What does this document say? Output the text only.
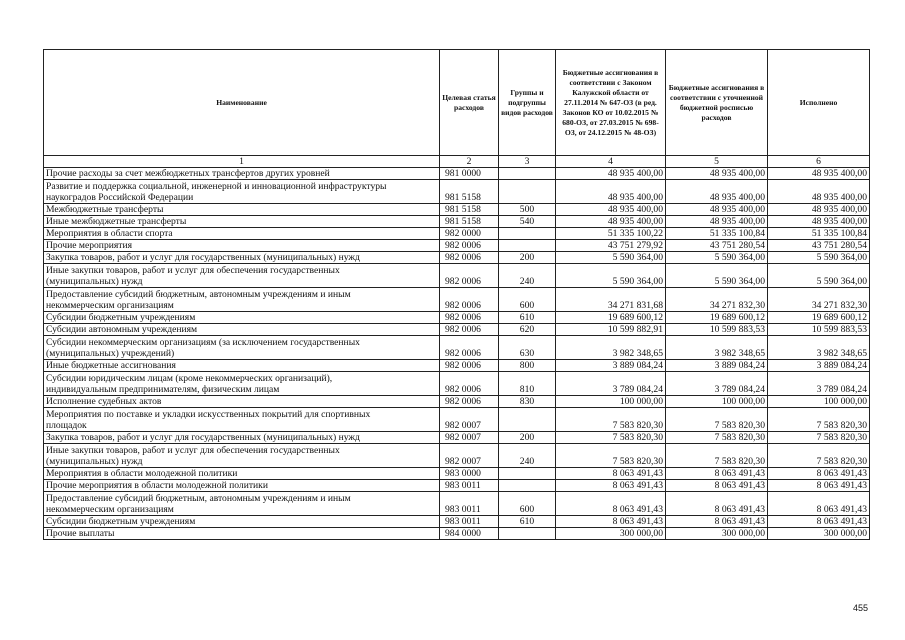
Наименование	Целевая статья расходов	Группы и подгруппы видов расходов	Бюджетные ассигнования в соответствии с Законом Калужской области от 27.11.2014 № 647-ОЗ (в ред. Законов КО от 10.02.2015 № 680-ОЗ, от 27.03.2015 № 698-ОЗ, от 24.12.2015 № 48-ОЗ)	Бюджетные ассигнования в соответствии с уточненной бюджетной росписью расходов	Исполнено
1	2	3	4	5	6
Прочие расходы за счет межбюджетных трансфертов других уровней	981 0000		48 935 400,00	48 935 400,00	48 935 400,00
Развитие и поддержка социальной, инженерной и инновационной инфраструктуры
наукоградов Российской Федерации	981 5158		48 935 400,00	48 935 400,00	48 935 400,00
Межбюджетные трансферты	981 5158	500	48 935 400,00	48 935 400,00	48 935 400,00
Иные межбюджетные трансферты	981 5158	540	48 935 400,00	48 935 400,00	48 935 400,00
Мероприятия в области спорта	982 0000		51 335 100,22	51 335 100,84	51 335 100,84
Прочие мероприятия	982 0006		43 751 279,92	43 751 280,54	43 751 280,54
Закупка товаров, работ и услуг для государственных (муниципальных) нужд	982 0006	200	5 590 364,00	5 590 364,00	5 590 364,00
Иные закупки товаров, работ и услуг для обеспечения государственных
(муниципальных) нужд	982 0006	240	5 590 364,00	5 590 364,00	5 590 364,00
Предоставление субсидий бюджетным, автономным учреждениям и иным
некоммерческим организациям	982 0006	600	34 271 831,68	34 271 832,30	34 271 832,30
Субсидии бюджетным учреждениям	982 0006	610	19 689 600,12	19 689 600,12	19 689 600,12
Субсидии автономным учреждениям	982 0006	620	10 599 882,91	10 599 883,53	10 599 883,53
Субсидии некоммерческим организациям (за исключением государственных
(муниципальных) учреждений)	982 0006	630	3 982 348,65	3 982 348,65	3 982 348,65
Иные бюджетные ассигнования	982 0006	800	3 889 084,24	3 889 084,24	3 889 084,24
Субсидии юридическим лицам (кроме некоммерческих организаций),
индивидуальным предпринимателям, физическим лицам	982 0006	810	3 789 084,24	3 789 084,24	3 789 084,24
Исполнение судебных актов	982 0006	830	100 000,00	100 000,00	100 000,00
Мероприятия по поставке и укладки искусственных покрытий для спортивных
площадок	982 0007		7 583 820,30	7 583 820,30	7 583 820,30
Закупка товаров, работ и услуг для государственных (муниципальных) нужд	982 0007	200	7 583 820,30	7 583 820,30	7 583 820,30
Иные закупки товаров, работ и услуг для обеспечения государственных
(муниципальных) нужд	982 0007	240	7 583 820,30	7 583 820,30	7 583 820,30
Мероприятия в области молодежной политики	983 0000		8 063 491,43	8 063 491,43	8 063 491,43
Прочие мероприятия в области молодежной политики	983 0011		8 063 491,43	8 063 491,43	8 063 491,43
Предоставление субсидий бюджетным, автономным учреждениям и иным
некоммерческим организациям	983 0011	600	8 063 491,43	8 063 491,43	8 063 491,43
Субсидии бюджетным учреждениям	983 0011	610	8 063 491,43	8 063 491,43	8 063 491,43
Прочие выплаты	984 0000		300 000,00	300 000,00	300 000,00
455
